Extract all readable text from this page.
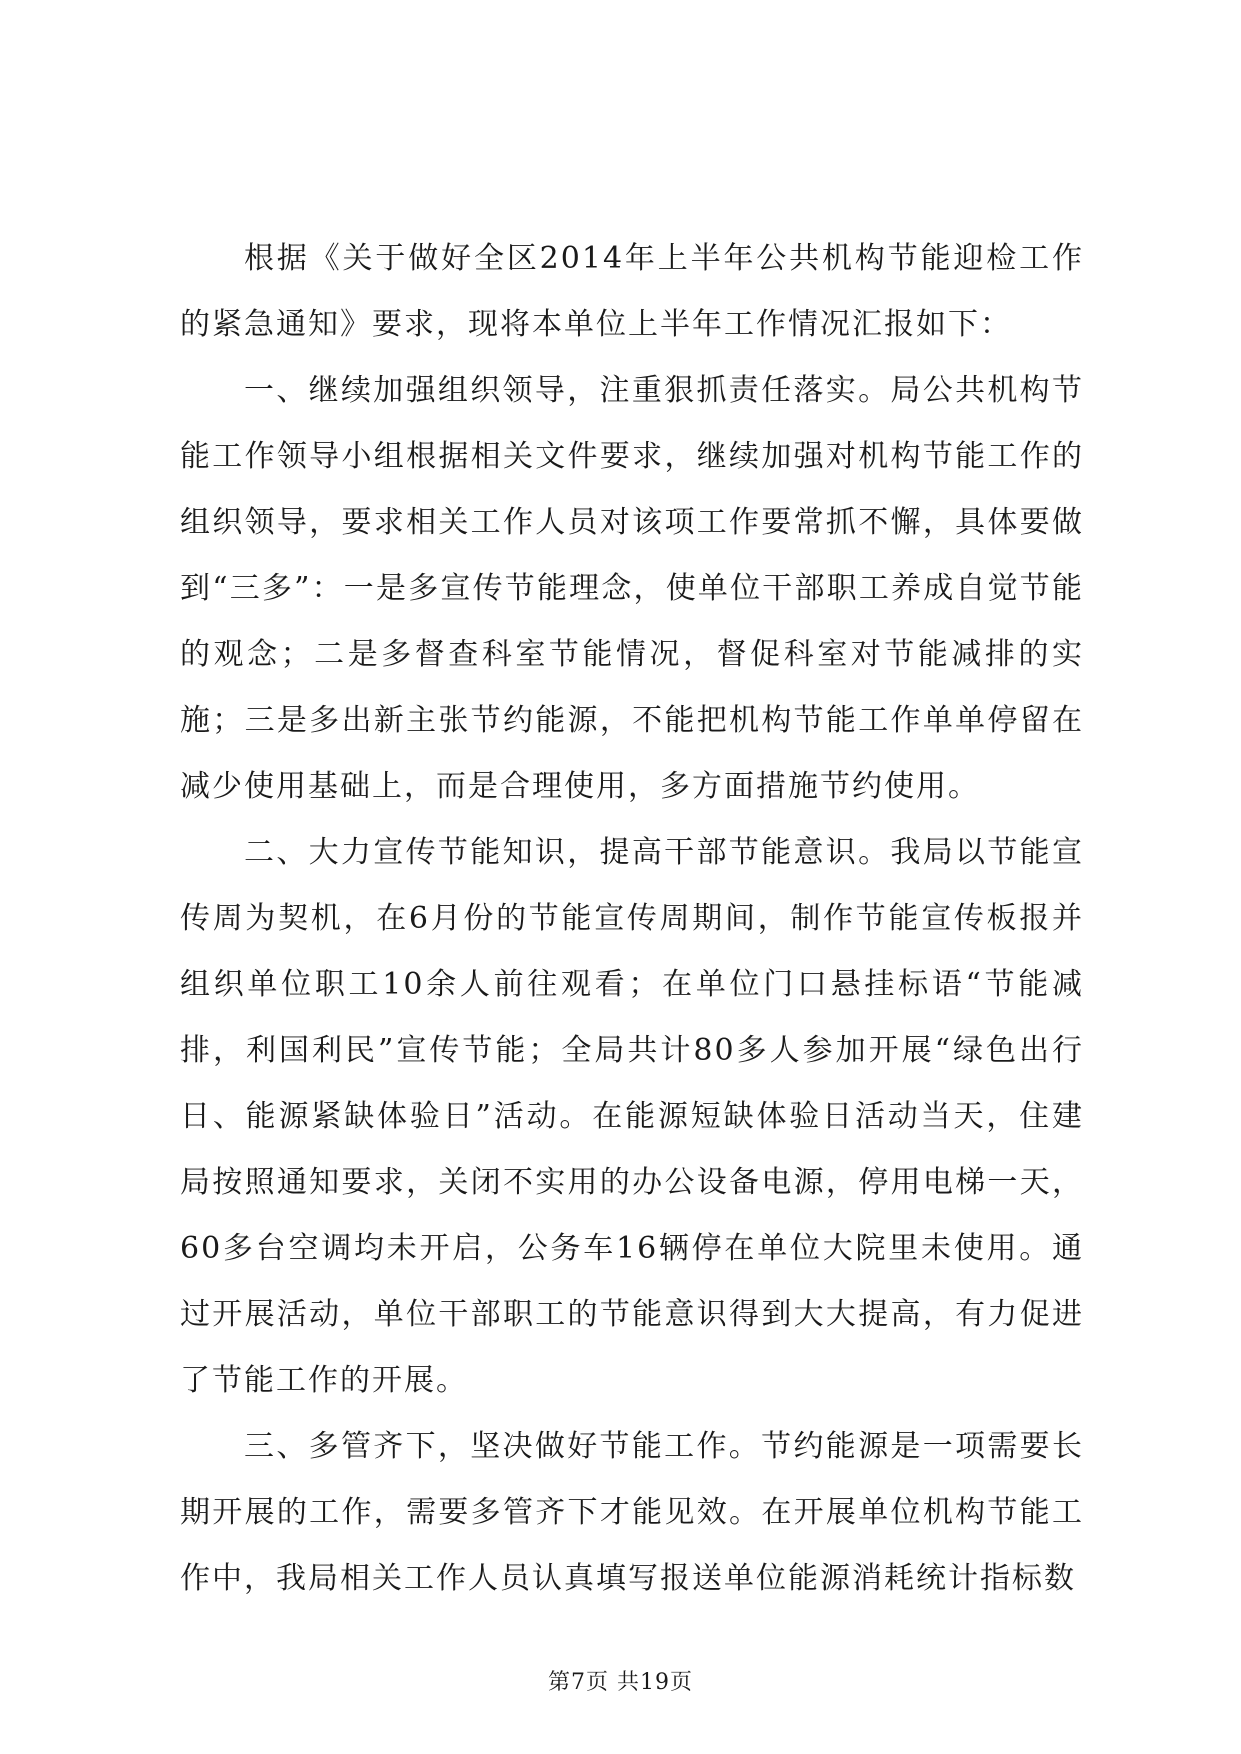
根据《关于做好全区2014年上半年公共机构节能迎检工作的紧急通知》要求，现将本单位上半年工作情况汇报如下：

一、继续加强组织领导，注重狠抓责任落实。局公共机构节能工作领导小组根据相关文件要求，继续加强对机构节能工作的组织领导，要求相关工作人员对该项工作要常抓不懈，具体要做到“三多”：一是多宣传节能理念，使单位干部职工养成自觉节能的观念；二是多督查科室节能情况，督促科室对节能减排的实施；三是多出新主张节约能源，不能把机构节能工作单单停留在减少使用基础上，而是合理使用，多方面措施节约使用。

二、大力宣传节能知识，提高干部节能意识。我局以节能宣传周为契机，在6月份的节能宣传周期间，制作节能宣传板报并组织单位职工10余人前往观看；在单位门口悬挂标语“节能减排，利国利民”宣传节能；全局共计80多人参加开展“绿色出行日、能源紧缺体验日”活动。在能源短缺体验日活动当天，住建局按照通知要求，关闭不实用的办公设备电源，停用电梯一天，60多台空调均未开启，公务车16辆停在单位大院里未使用。通过开展活动，单位干部职工的节能意识得到大大提高，有力促进了节能工作的开展。

三、多管齐下，坚决做好节能工作。节约能源是一项需要长期开展的工作，需要多管齐下才能见效。在开展单位机构节能工作中，我局相关工作人员认真填写报送单位能源消耗统计指标数

第7页 共19页
